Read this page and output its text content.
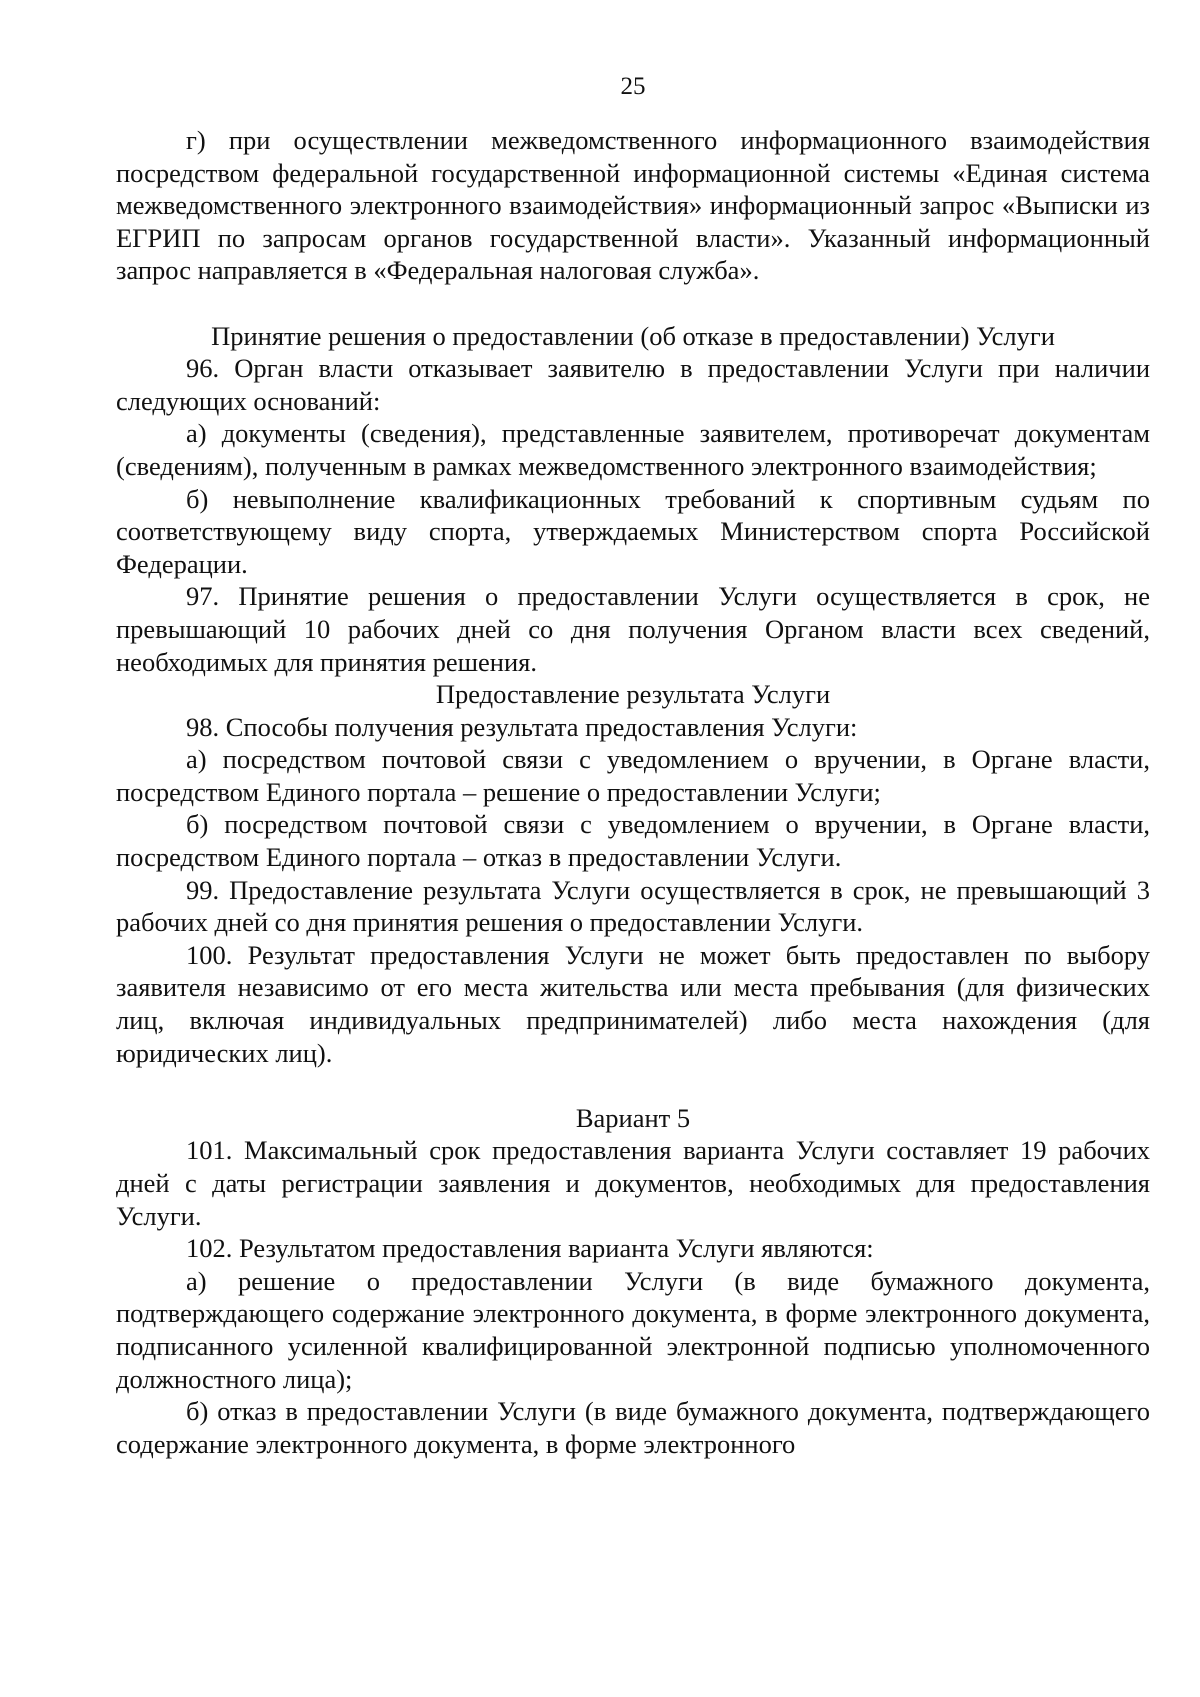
25

г) при осуществлении межведомственного информационного взаимодействия посредством федеральной государственной информационной системы «Единая система межведомственного электронного взаимодействия» информационный запрос «Выписки из ЕГРИП по запросам органов государственной власти». Указанный информационный запрос направляется в «Федеральная налоговая служба».

Принятие решения о предоставлении (об отказе в предоставлении) Услуги

96. Орган власти отказывает заявителю в предоставлении Услуги при наличии следующих оснований:

а) документы (сведения), представленные заявителем, противоречат документам (сведениям), полученным в рамках межведомственного электронного взаимодействия;

б) невыполнение квалификационных требований к спортивным судьям по соответствующему виду спорта, утверждаемых Министерством спорта Российской Федерации.

97. Принятие решения о предоставлении Услуги осуществляется в срок, не превышающий 10 рабочих дней со дня получения Органом власти всех сведений, необходимых для принятия решения.

Предоставление результата Услуги

98. Способы получения результата предоставления Услуги:

а) посредством почтовой связи с уведомлением о вручении, в Органе власти, посредством Единого портала – решение о предоставлении Услуги;

б) посредством почтовой связи с уведомлением о вручении, в Органе власти, посредством Единого портала – отказ в предоставлении Услуги.

99. Предоставление результата Услуги осуществляется в срок, не превышающий 3 рабочих дней со дня принятия решения о предоставлении Услуги.

100. Результат предоставления Услуги не может быть предоставлен по выбору заявителя независимо от его места жительства или места пребывания (для физических лиц, включая индивидуальных предпринимателей) либо места нахождения (для юридических лиц).

Вариант 5

101. Максимальный срок предоставления варианта Услуги составляет 19 рабочих дней с даты регистрации заявления и документов, необходимых для предоставления Услуги.

102. Результатом предоставления варианта Услуги являются:

а) решение о предоставлении Услуги (в виде бумажного документа, подтверждающего содержание электронного документа, в форме электронного документа, подписанного усиленной квалифицированной электронной подписью уполномоченного должностного лица);

б) отказ в предоставлении Услуги (в виде бумажного документа, подтверждающего содержание электронного документа, в форме электронного
